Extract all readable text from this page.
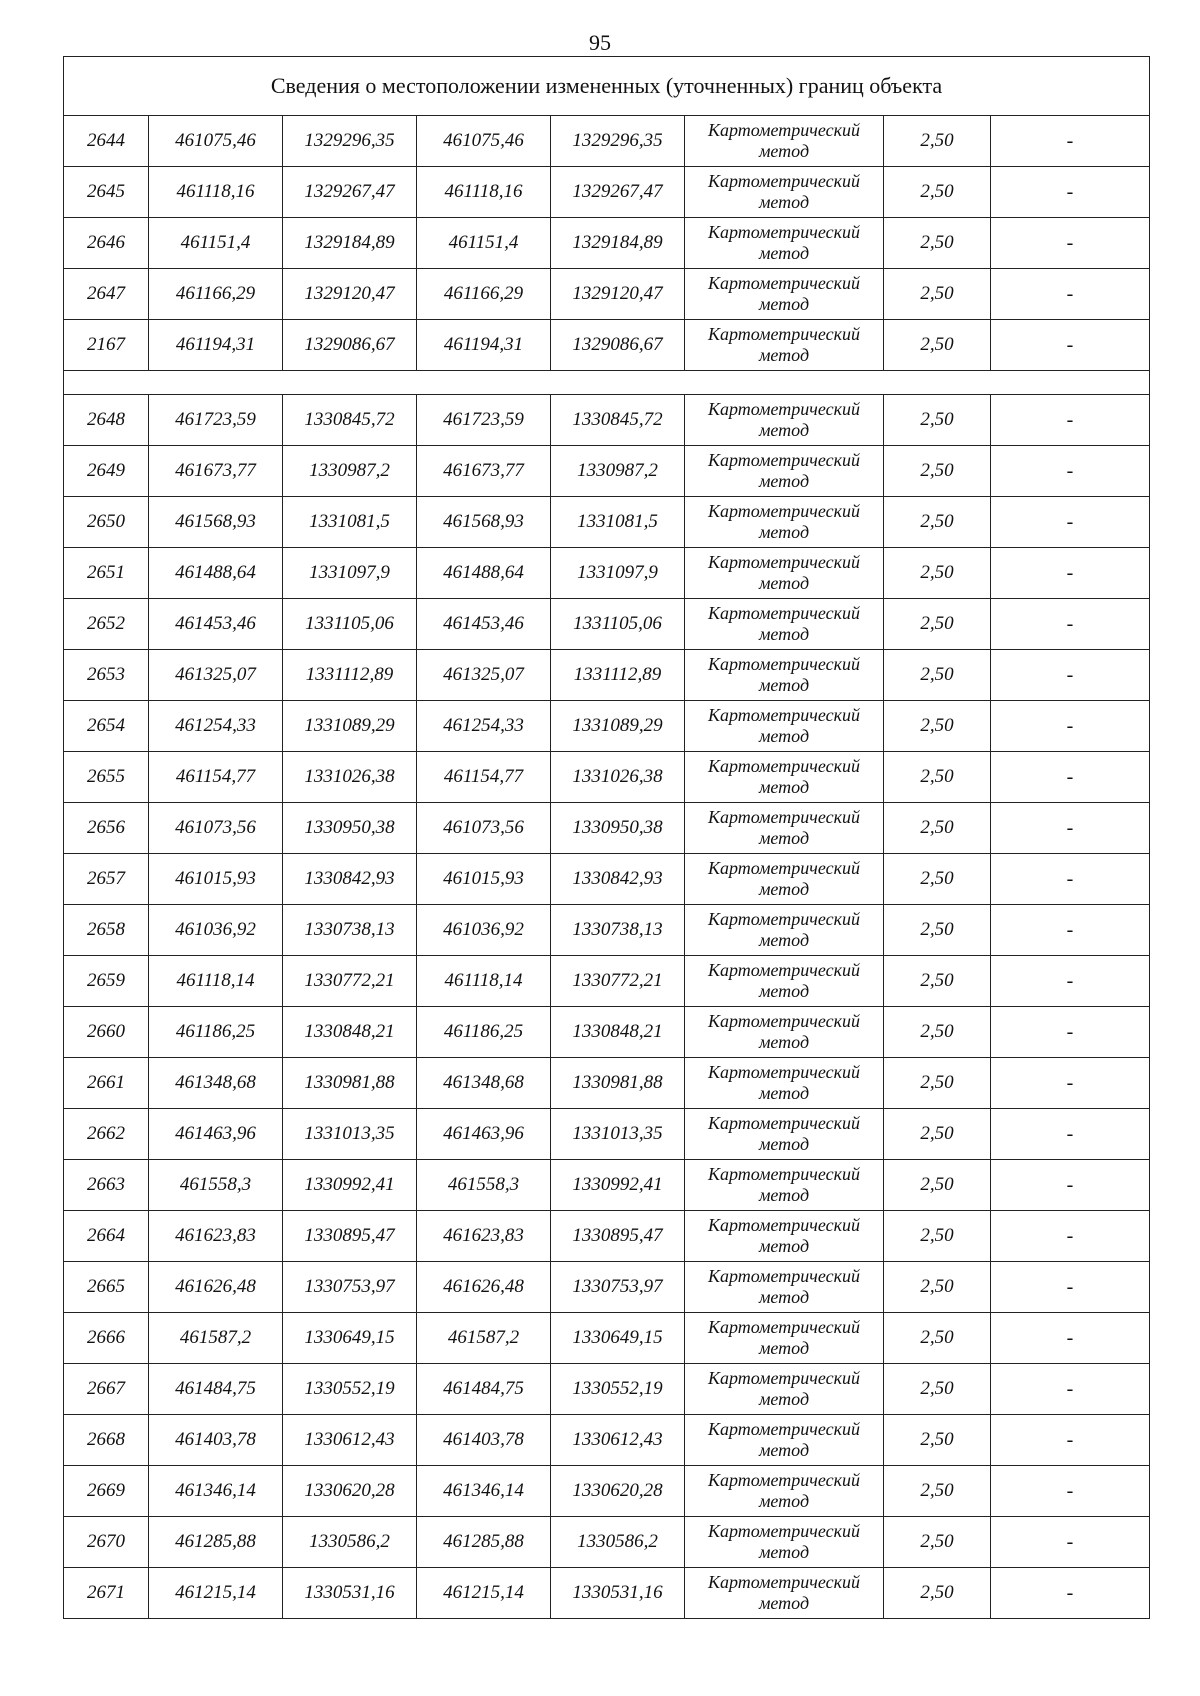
95
Сведения о местоположении измененных (уточненных) границ объекта							
2644	461075,46	1329296,35	461075,46	1329296,35	Картометрический метод	2,50	-
2645	461118,16	1329267,47	461118,16	1329267,47	Картометрический метод	2,50	-
2646	461151,4	1329184,89	461151,4	1329184,89	Картометрический метод	2,50	-
2647	461166,29	1329120,47	461166,29	1329120,47	Картометрический метод	2,50	-
2167	461194,31	1329086,67	461194,31	1329086,67	Картометрический метод	2,50	-

2648	461723,59	1330845,72	461723,59	1330845,72	Картометрический метод	2,50	-
2649	461673,77	1330987,2	461673,77	1330987,2	Картометрический метод	2,50	-
2650	461568,93	1331081,5	461568,93	1331081,5	Картометрический метод	2,50	-
2651	461488,64	1331097,9	461488,64	1331097,9	Картометрический метод	2,50	-
2652	461453,46	1331105,06	461453,46	1331105,06	Картометрический метод	2,50	-
2653	461325,07	1331112,89	461325,07	1331112,89	Картометрический метод	2,50	-
2654	461254,33	1331089,29	461254,33	1331089,29	Картометрический метод	2,50	-
2655	461154,77	1331026,38	461154,77	1331026,38	Картометрический метод	2,50	-
2656	461073,56	1330950,38	461073,56	1330950,38	Картометрический метод	2,50	-
2657	461015,93	1330842,93	461015,93	1330842,93	Картометрический метод	2,50	-
2658	461036,92	1330738,13	461036,92	1330738,13	Картометрический метод	2,50	-
2659	461118,14	1330772,21	461118,14	1330772,21	Картометрический метод	2,50	-
2660	461186,25	1330848,21	461186,25	1330848,21	Картометрический метод	2,50	-
2661	461348,68	1330981,88	461348,68	1330981,88	Картометрический метод	2,50	-
2662	461463,96	1331013,35	461463,96	1331013,35	Картометрический метод	2,50	-
2663	461558,3	1330992,41	461558,3	1330992,41	Картометрический метод	2,50	-
2664	461623,83	1330895,47	461623,83	1330895,47	Картометрический метод	2,50	-
2665	461626,48	1330753,97	461626,48	1330753,97	Картометрический метод	2,50	-
2666	461587,2	1330649,15	461587,2	1330649,15	Картометрический метод	2,50	-
2667	461484,75	1330552,19	461484,75	1330552,19	Картометрический метод	2,50	-
2668	461403,78	1330612,43	461403,78	1330612,43	Картометрический метод	2,50	-
2669	461346,14	1330620,28	461346,14	1330620,28	Картометрический метод	2,50	-
2670	461285,88	1330586,2	461285,88	1330586,2	Картометрический метод	2,50	-
2671	461215,14	1330531,16	461215,14	1330531,16	Картометрический метод	2,50	-
